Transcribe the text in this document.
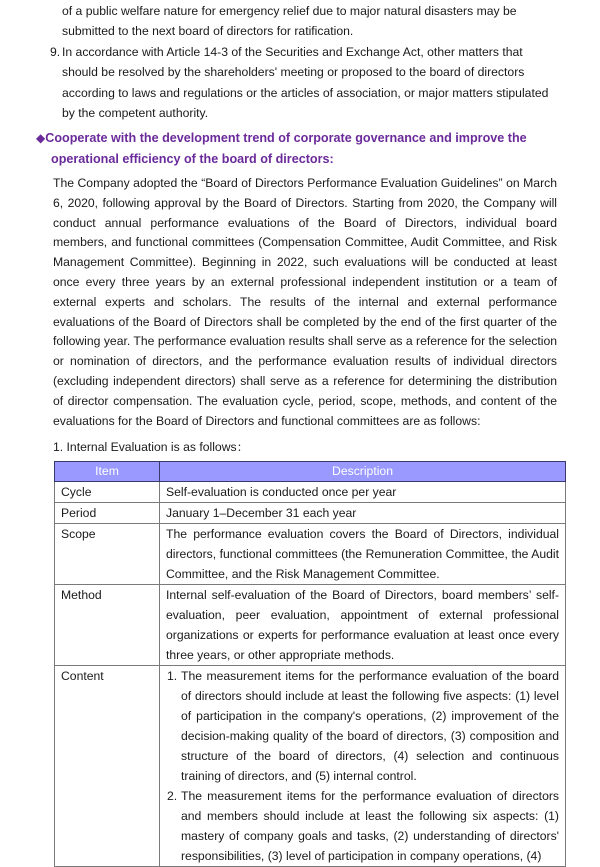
of a public welfare nature for emergency relief due to major natural disasters may be
submitted to the next board of directors for ratification.
9. In accordance with Article 14-3 of the Securities and Exchange Act, other matters that should be resolved by the shareholders' meeting or proposed to the board of directors according to laws and regulations or the articles of association, or major matters stipulated by the competent authority.
◆Cooperate with the development trend of corporate governance and improve the
operational efficiency of the board of directors:
The Company adopted the “Board of Directors Performance Evaluation Guidelines” on March 6, 2020, following approval by the Board of Directors. Starting from 2020, the Company will conduct annual performance evaluations of the Board of Directors, individual board members, and functional committees (Compensation Committee, Audit Committee, and Risk Management Committee). Beginning in 2022, such evaluations will be conducted at least once every three years by an external professional independent institution or a team of external experts and scholars. The results of the internal and external performance evaluations of the Board of Directors shall be completed by the end of the first quarter of the following year. The performance evaluation results shall serve as a reference for the selection or nomination of directors, and the performance evaluation results of individual directors (excluding independent directors) shall serve as a reference for determining the distribution of director compensation. The evaluation cycle, period, scope, methods, and content of the evaluations for the Board of Directors and functional committees are as follows:
1. Internal Evaluation is as follows：
Item	Description
Cycle	Self-evaluation is conducted once per year
Period	January 1–December 31 each year
Scope	The performance evaluation covers the Board of Directors, individual directors, functional committees (the Remuneration Committee, the Audit Committee, and the Risk Management Committee.
Method	Internal self-evaluation of the Board of Directors, board members’ self-evaluation, peer evaluation, appointment of external professional organizations or experts for performance evaluation at least once every three years, or other appropriate methods.
Content	1. The measurement items for the performance evaluation of the board of directors should include at least the following five aspects: (1) level of participation in the company's operations, (2) improvement of the decision-making quality of the board of directors, (3) composition and structure of the board of directors, (4) selection and continuous training of directors, and (5) internal control.
2. The measurement items for the performance evaluation of directors and members should include at least the following six aspects: (1) mastery of company goals and tasks, (2) understanding of directors' responsibilities, (3) level of participation in company operations, (4)
